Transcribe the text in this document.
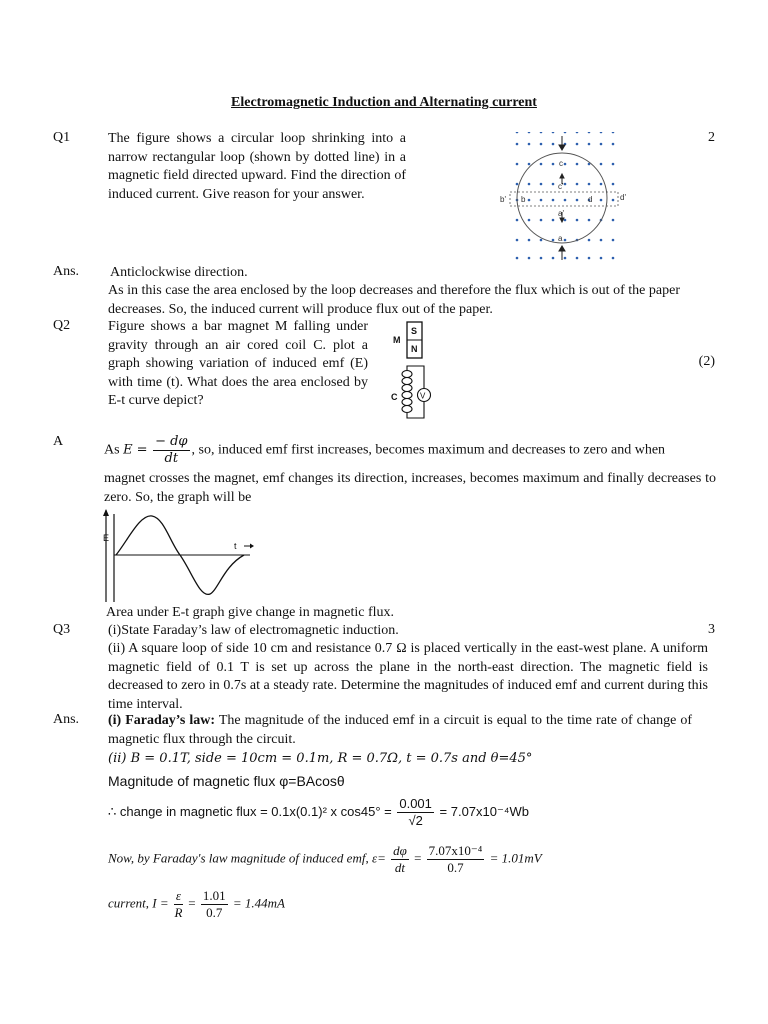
Electromagnetic Induction and Alternating current
Q1	The figure shows a circular loop shrinking into a narrow rectangular loop (shown by dotted line) in a magnetic field directed upward. Find the direction of induced current. Give reason for your answer.
2
b' b
c
c'
d	d'
a
a'
Ans. Anticlockwise direction.
As in this case the area enclosed by the loop decreases and therefore the flux which is out of the paper decreases. So, the induced current will produce flux out of the paper.
Q2	Figure shows a bar magnet M falling under gravity through an air cored coil C. plot a graph showing variation of induced emf (E) with time (t). What does the area enclosed by E-t curve depict?
(2)
S
N
M
C	V
A
As $E = \frac{- d\varphi}{dt}$ , so, induced emf first increases, becomes maximum and decreases to zero and when
magnet crosses the magnet, emf changes its direction, increases, becomes maximum and finally decreases to zero. So, the graph will be
E
t
Area under E-t graph give change in magnetic flux.
Q3	(i)State Faraday’s law of electromagnetic induction.	3
(ii) A square loop of side 10 cm and resistance 0.7 Ω is placed vertically in the east-west plane. A uniform magnetic field of 0.1 T is set up across the plane in the north-east direction. The magnetic field is decreased to zero in 0.7s at a steady rate. Determine the magnitudes of induced emf and current during this time interval.
Ans. (i) Faraday’s law: The magnitude of the induced emf in a circuit is equal to the time rate of change of magnetic flux through the circuit.
(ii) B = 0.1T, side = 10cm = 0.1m, R = 0.7Ω, t = 0.7s and θ=45°
Magnitude of magnetic flux φ=BAcosθ
∴ change in magnetic flux = 0.1x(0.1)² x $\cos 45^\circ = \frac{0.001}{√2} = 7.07x10^{-4}Wb$
Now, by Faraday's law magnitude of induced emf, $\varepsilon= \frac{d\varphi}{dt} = \frac{\text{7.07x10⁻⁴}}{0.7} = 1.01mV$
current, $I = \frac{\varepsilon}{R} = \frac{1.01}{0.7} = 1.44mA$
